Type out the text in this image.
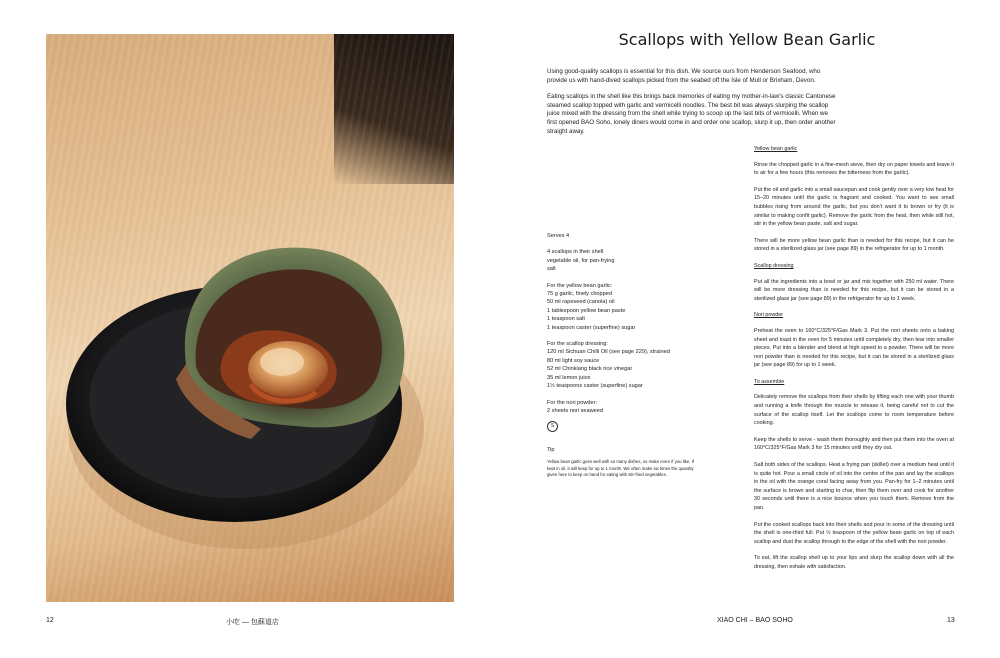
12	小吃 — 包蘇道店	XIAO CHI – BAO SOHO	13
Scallops with Yellow Bean Garlic

Using good-quality scallops is essential for this dish. We source ours from Henderson Seafood, who provide us with hand-dived scallops picked from the seabed off the Isle of Mull or Brixham, Devon.

Eating scallops in the shell like this brings back memories of eating my mother-in-law’s classic Cantonese steamed scallop topped with garlic and vermicelli noodles. The best bit was always slurping the scallop juice mixed with the dressing from the shell while trying to scoop up the last bits of vermicelli. When we first opened BAO Soho, lonely diners would come in and order one scallop, slurp it up, then order another straight away.

Serves 4
4 scallops in their shell
vegetable oil, for pan-frying
salt
For the yellow bean garlic:
75 g garlic, finely chopped
50 ml rapeseed (canola) oil
1 tablespoon yellow bean paste
1 teaspoon salt
1 teaspoon caster (superfine) sugar
For the scallop dressing:
120 ml Sichuan Chilli Oil (see page 229), strained
80 ml light soy sauce
52 ml Chinkiang black rice vinegar
35 ml lemon juice
1½ teaspoons caster (superfine) sugar
For the nori powder:
2 sheets nori seaweed
S
Tip
Yellow bean garlic goes well with so many dishes, so make more if you like. If kept in oil, it will keep for up to 1 month. We often make six times the quantity given here to keep on hand for eating with stir-fried vegetables.
Yellow bean garlic

Rinse the chopped garlic in a fine-mesh sieve, then dry on paper towels and leave it to air for a few hours (this removes the bitterness from the garlic).

Put the oil and garlic into a small saucepan and cook gently over a very low heat for 15–20 minutes until the garlic is fragrant and cooked. You want to see small bubbles rising from around the garlic, but you don’t want it to brown or fry (it is similar to making confit garlic). Remove the garlic from the heat, then while still hot, stir in the yellow bean paste, salt and sugar.

There will be more yellow bean garlic than is needed for this recipe, but it can be stored in a sterilized glass jar (see page 89) in the refrigerator for up to 1 month.

Scallop dressing

Put all the ingredients into a bowl or jar and mix together with 250 ml water. There will be more dressing than is needed for this recipe, but it can be stored in a sterilized glass jar (see page 89) in the refrigerator for up to 1 week.

Nori powder

Preheat the oven to 160°C/325°F/Gas Mark 3. Put the nori sheets onto a baking sheet and toast in the oven for 5 minutes until completely dry, then tear into smaller pieces. Put into a blender and blend at high speed to a powder. There will be more nori powder than is needed for this recipe, but it can be stored in a sterilized glass jar (see page 89) for up to 1 week.

To assemble

Delicately remove the scallops from their shells by lifting each one with your thumb and running a knife through the muscle to release it, being careful not to cut the surface of the scallop itself. Let the scallops come to room temperature before cooking.

Keep the shells to serve - wash them thoroughly and then put them into the oven at 160°C/325°F/Gas Mark 3 for 15 minutes until they dry out.

Salt both sides of the scallops. Heat a frying pan (skillet) over a medium heat until it is quite hot. Pour a small circle of oil into the centre of the pan and lay the scallops in the oil with the orange coral facing away from you. Pan-fry for 1–2 minutes until the surface is brown and starting to char, then flip them over and cook for another 30 seconds until there is a nice bounce when you touch them. Remove from the pan.

Put the cooked scallops back into their shells and pour in some of the dressing until the shell is one-third full. Put ½ teaspoon of the yellow bean garlic on top of each scallop and dust the scallop through to the edge of the shell with the nori powder.

To eat, lift the scallop shell up to your lips and slurp the scallop down with all the dressing, then exhale with satisfaction.
